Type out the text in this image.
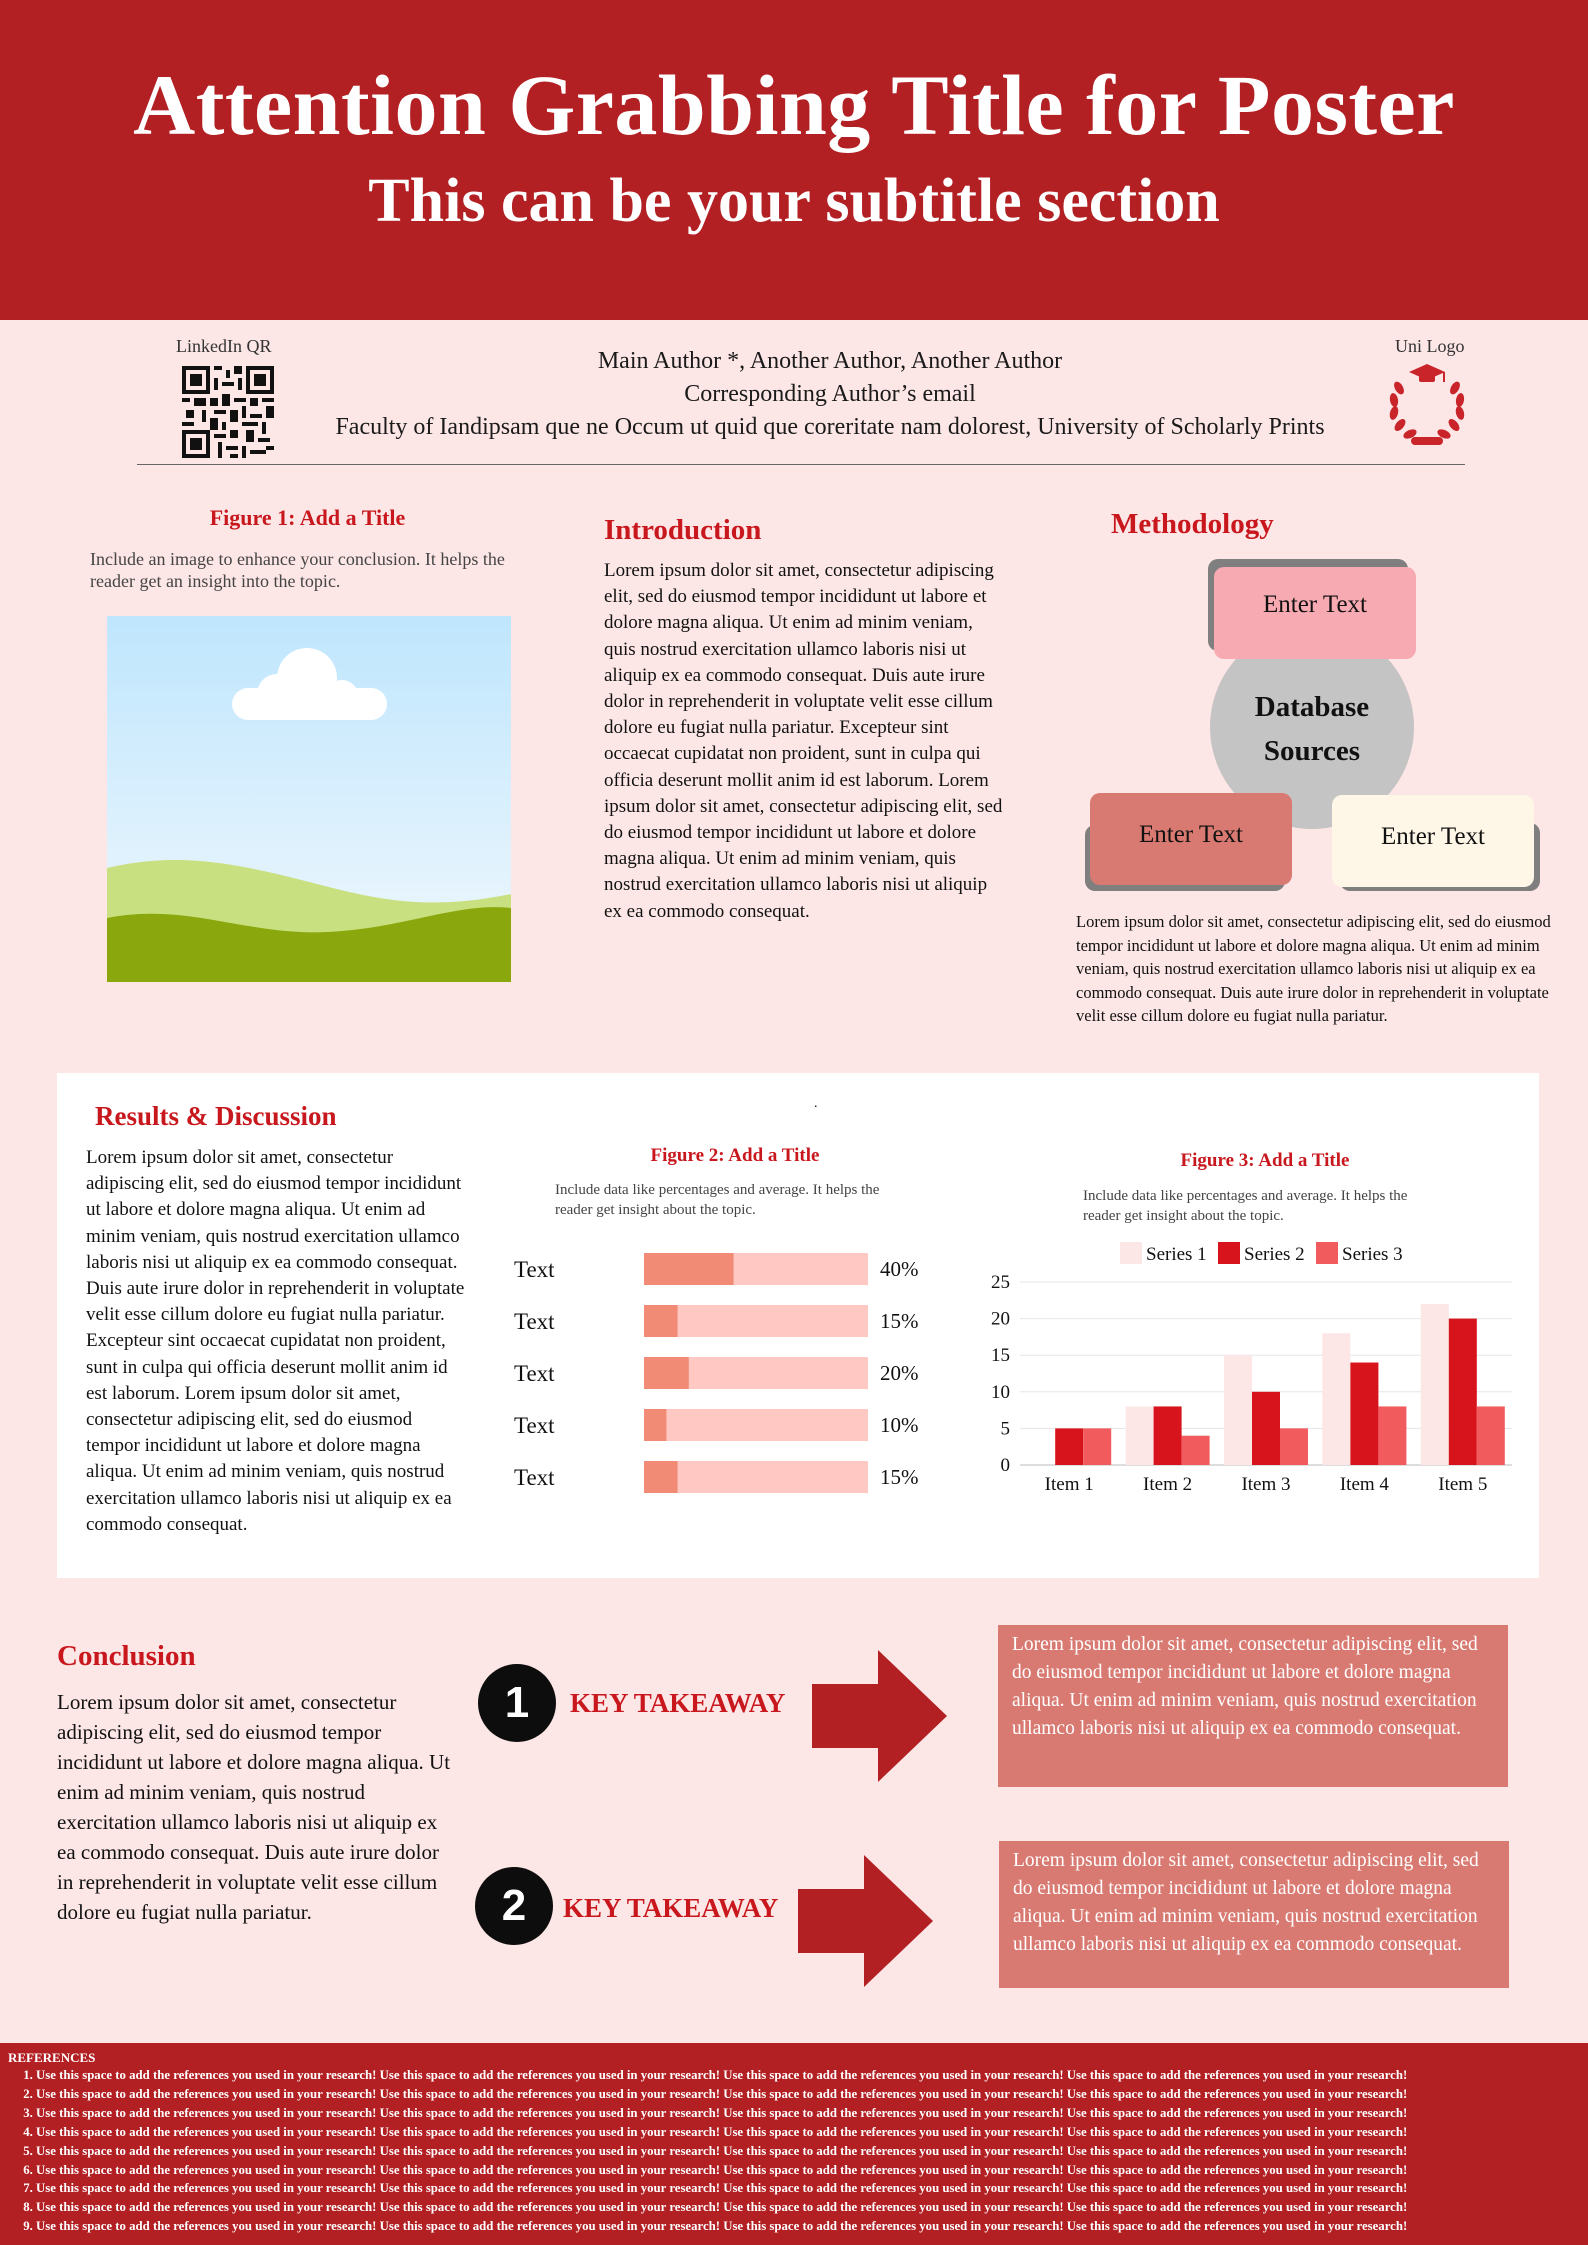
Attention Grabbing Title for Poster
This can be your subtitle section
LinkedIn QR	Uni Logo
Main Author *, Another Author, Another Author
Corresponding Author’s email
Faculty of Iandipsam que ne Occum ut quid que coreritate nam dolorest, University of Scholarly Prints
Figure 1: Add a Title
Include an image to enhance your conclusion. It helps the reader get an insight into the topic.
Introduction
Lorem ipsum dolor sit amet, consectetur adipiscing elit, sed do eiusmod tempor incididunt ut labore et dolore magna aliqua. Ut enim ad minim veniam, quis nostrud exercitation ullamco laboris nisi ut aliquip ex ea commodo consequat. Duis aute irure dolor in reprehenderit in voluptate velit esse cillum dolore eu fugiat nulla pariatur. Excepteur sint occaecat cupidatat non proident, sunt in culpa qui officia deserunt mollit anim id est laborum. Lorem ipsum dolor sit amet, consectetur adipiscing elit, sed do eiusmod tempor incididunt ut labore et dolore magna aliqua. Ut enim ad minim veniam, quis nostrud exercitation ullamco laboris nisi ut aliquip ex ea commodo consequat.
Methodology
Enter Text
Database
Sources
Enter Text	Enter Text
Lorem ipsum dolor sit amet, consectetur adipiscing elit, sed do eiusmod tempor incididunt ut labore et dolore magna aliqua. Ut enim ad minim veniam, quis nostrud exercitation ullamco laboris nisi ut aliquip ex ea commodo consequat. Duis aute irure dolor in reprehenderit in voluptate velit esse cillum dolore eu fugiat nulla pariatur.
Results & Discussion	.
Lorem ipsum dolor sit amet, consectetur adipiscing elit, sed do eiusmod tempor incididunt ut labore et dolore magna aliqua. Ut enim ad minim veniam, quis nostrud exercitation ullamco laboris nisi ut aliquip ex ea commodo consequat. Duis aute irure dolor in reprehenderit in voluptate velit esse cillum dolore eu fugiat nulla pariatur. Excepteur sint occaecat cupidatat non proident, sunt in culpa qui officia deserunt mollit anim id est laborum. Lorem ipsum dolor sit amet, consectetur adipiscing elit, sed do eiusmod tempor incididunt ut labore et dolore magna aliqua. Ut enim ad minim veniam, quis nostrud exercitation ullamco laboris nisi ut aliquip ex ea commodo consequat.
Figure 2: Add a Title
Include data like percentages and average. It helps the reader get insight about the topic.
Text	40%
Text	15%
Text	20%
Text	10%
Text	15%
Figure 3: Add a Title
Include data like percentages and average. It helps the reader get insight about the topic.
0
5
10
15
20
25
Series 1 Series 2 Series 3
Item 1	Item 2	Item 3	Item 4	Item 5
Conclusion
Lorem ipsum dolor sit amet, consectetur adipiscing elit, sed do eiusmod tempor incididunt ut labore et dolore magna aliqua. Ut enim ad minim veniam, quis nostrud exercitation ullamco laboris nisi ut aliquip ex ea commodo consequat. Duis aute irure dolor in reprehenderit in voluptate velit esse cillum dolore eu fugiat nulla pariatur.
1	KEY TAKEAWAY
Lorem ipsum dolor sit amet, consectetur adipiscing elit, sed do eiusmod tempor incididunt ut labore et dolore magna aliqua. Ut enim ad minim veniam, quis nostrud exercitation ullamco laboris nisi ut aliquip ex ea commodo consequat.
2	KEY TAKEAWAY
Lorem ipsum dolor sit amet, consectetur adipiscing elit, sed do eiusmod tempor incididunt ut labore et dolore magna aliqua. Ut enim ad minim veniam, quis nostrud exercitation ullamco laboris nisi ut aliquip ex ea commodo consequat.
REFERENCES
1. Use this space to add the references you used in your research! Use this space to add the references you used in your research! Use this space to add the references you used in your research! Use this space to add the references you used in your research!
2. Use this space to add the references you used in your research! Use this space to add the references you used in your research! Use this space to add the references you used in your research! Use this space to add the references you used in your research!
3. Use this space to add the references you used in your research! Use this space to add the references you used in your research! Use this space to add the references you used in your research! Use this space to add the references you used in your research!
4. Use this space to add the references you used in your research! Use this space to add the references you used in your research! Use this space to add the references you used in your research! Use this space to add the references you used in your research!
5. Use this space to add the references you used in your research! Use this space to add the references you used in your research! Use this space to add the references you used in your research! Use this space to add the references you used in your research!
6. Use this space to add the references you used in your research! Use this space to add the references you used in your research! Use this space to add the references you used in your research! Use this space to add the references you used in your research!
7. Use this space to add the references you used in your research! Use this space to add the references you used in your research! Use this space to add the references you used in your research! Use this space to add the references you used in your research!
8. Use this space to add the references you used in your research! Use this space to add the references you used in your research! Use this space to add the references you used in your research! Use this space to add the references you used in your research!
9. Use this space to add the references you used in your research! Use this space to add the references you used in your research! Use this space to add the references you used in your research! Use this space to add the references you used in your research!
